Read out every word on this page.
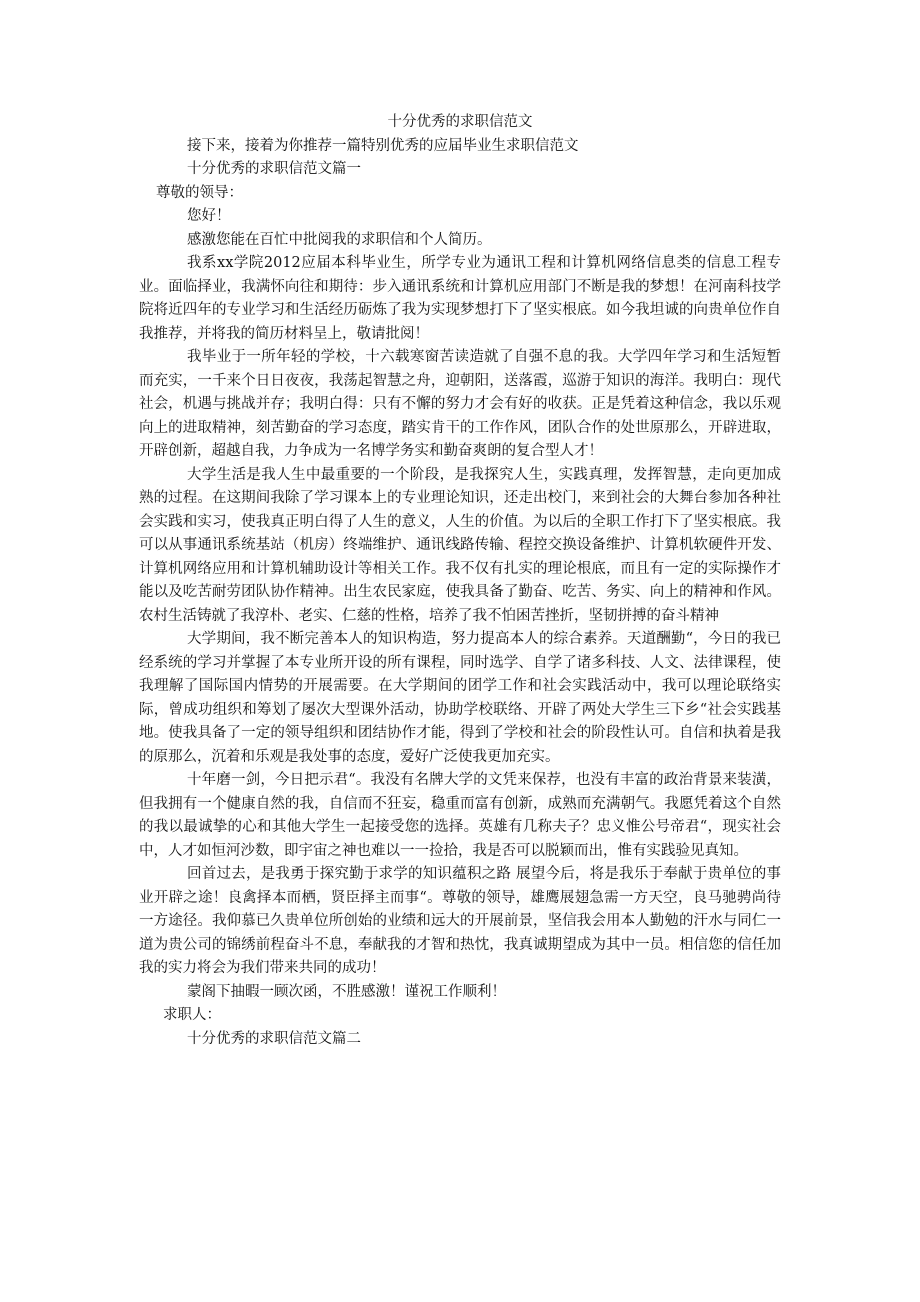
十分优秀的求职信范文

接下来，接着为你推荐一篇特别优秀的应届毕业生求职信范文

十分优秀的求职信范文篇一

尊敬的领导：

您好！

感激您能在百忙中批阅我的求职信和个人简历。

我系xx学院2012应届本科毕业生，所学专业为通讯工程和计算机网络信息类的信息工程专业。面临择业，我满怀向往和期待：步入通讯系统和计算机应用部门不断是我的梦想！在河南科技学院将近四年的专业学习和生活经历砺炼了我为实现梦想打下了坚实根底。如今我坦诚的向贵单位作自我推荐，并将我的简历材料呈上，敬请批阅！

我毕业于一所年轻的学校，十六载寒窗苦读造就了自强不息的我。大学四年学习和生活短暂而充实，一千来个日日夜夜，我荡起智慧之舟，迎朝阳，送落霞，巡游于知识的海洋。我明白：现代社会，机遇与挑战并存；我明白得：只有不懈的努力才会有好的收获。正是凭着这种信念，我以乐观向上的进取精神，刻苦勤奋的学习态度，踏实肯干的工作作风，团队合作的处世原那么，开辟进取，开辟创新，超越自我，力争成为一名博学务实和勤奋爽朗的复合型人才！

大学生活是我人生中最重要的一个阶段，是我探究人生，实践真理，发挥智慧，走向更加成熟的过程。在这期间我除了学习课本上的专业理论知识，还走出校门，来到社会的大舞台参加各种社会实践和实习，使我真正明白得了人生的意义，人生的价值。为以后的全职工作打下了坚实根底。我可以从事通讯系统基站（机房）终端维护、通讯线路传输、程控交换设备维护、计算机软硬件开发、计算机网络应用和计算机辅助设计等相关工作。我不仅有扎实的理论根底，而且有一定的实际操作才能以及吃苦耐劳团队协作精神。出生农民家庭，使我具备了勤奋、吃苦、务实、向上的精神和作风。农村生活铸就了我淳朴、老实、仁慈的性格，培养了我不怕困苦挫折，坚韧拼搏的奋斗精神

大学期间，我不断完善本人的知识构造，努力提高本人的综合素养。天道酬勤“，今日的我已经系统的学习并掌握了本专业所开设的所有课程，同时选学、自学了诸多科技、人文、法律课程，使我理解了国际国内情势的开展需要。在大学期间的团学工作和社会实践活动中，我可以理论联络实际，曾成功组织和筹划了屡次大型课外活动，协助学校联络、开辟了两处大学生三下乡“社会实践基地。使我具备了一定的领导组织和团结协作才能，得到了学校和社会的阶段性认可。自信和执着是我的原那么，沉着和乐观是我处事的态度，爱好广泛使我更加充实。

十年磨一剑，今日把示君“。我没有名牌大学的文凭来保荐，也没有丰富的政治背景来装潢，但我拥有一个健康自然的我，自信而不狂妄，稳重而富有创新，成熟而充满朝气。我愿凭着这个自然的我以最诚挚的心和其他大学生一起接受您的选择。英雄有几称夫子？忠义惟公号帝君“，现实社会中，人才如恒河沙数，即宇宙之神也难以一一捡拾，我是否可以脱颖而出，惟有实践验见真知。

回首过去，是我勇于探究勤于求学的知识蕴积之路 展望今后，将是我乐于奉献于贵单位的事业开辟之途！良禽择本而栖，贤臣择主而事“。尊敬的领导，雄鹰展翅急需一方天空，良马驰骋尚待一方途径。我仰慕已久贵单位所创始的业绩和远大的开展前景，坚信我会用本人勤勉的汗水与同仁一道为贵公司的锦绣前程奋斗不息，奉献我的才智和热忱，我真诚期望成为其中一员。相信您的信任加我的实力将会为我们带来共同的成功！

蒙阁下抽暇一顾次函，不胜感激！谨祝工作顺利！

求职人：

十分优秀的求职信范文篇二
